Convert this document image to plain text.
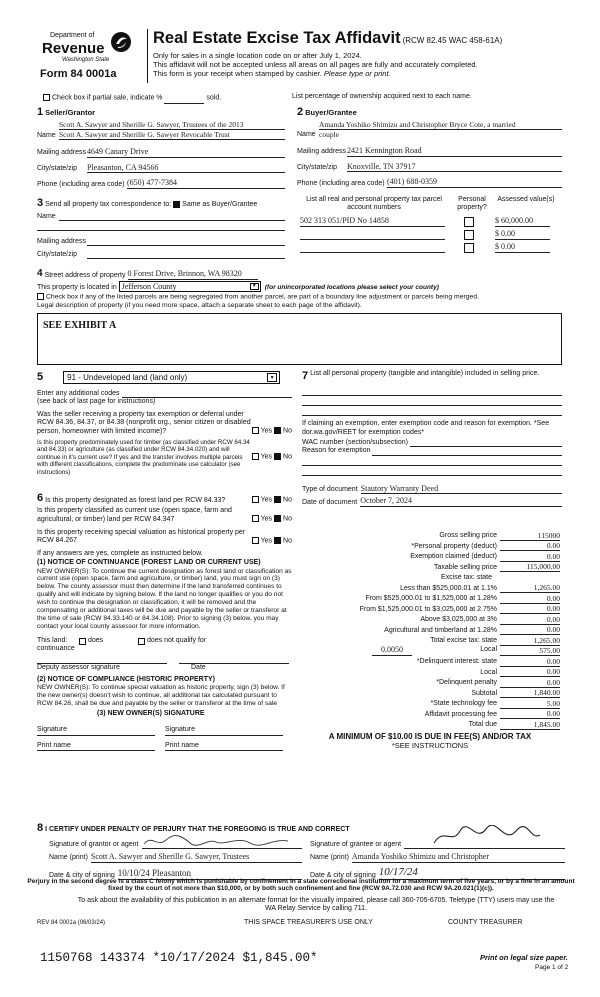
Department of
Revenue
Washington State
Form 84 0001a
Real Estate Excise Tax Affidavit (RCW 82.45 WAC 458-61A)
Only for sales in a single location code on or after July 1, 2024.
This affidavit will not be accepted unless all areas on all pages are fully and accurately completed.
This form is your receipt when stamped by cashier. Please type or print.
Check box if partial sale, indicate %	sold.	List percentage of ownership acquired next to each name.
1 Seller/Grantor
Name
Scott A. Sawyer and Sherille G. Sawyer, Trustees of the 2013
Scott A. Sawyer and Sherille G. Sawyer Revocable Trust
Mailing address 4649 Canary Drive
City/state/zip	Pleasanton, CA 94566
Phone (including area code) (650) 477-7384
2 Buyer/Grantee
Name
Amanda Yoshiko Shimizu and Christopher Bryce Cote, a married
couple
Mailing address 2421 Kennington Road
City/state/zip	Knoxville, TN 37917
Phone (including area code) (401) 688-0359
3 Send all property tax correspondence to: Same as Buyer/Grantee
Name
Mailing address
City/state/zip
List all real and personal property tax parcel account numbers
Personal property?
Assessed value(s)
502 313 051/PID No 14858	$ 60,000.00
$ 0.00
$ 0.00
4 Street address of property 0 Forest Drive, Brinnon, WA 98320
This property is located in Jefferson County	▼	(for unincorporated locations please select your county)
Check box if any of the listed parcels are being segregated from another parcel, are part of a boundary line adjustment or parcels being merged.
Legal description of property (if you need more space, attach a separate sheet to each page of the affidavit).
SEE EXHIBIT A
5	91 - Undeveloped land (land only)	▼
Enter any additional codes
(see back of last page for instructions)
Was the seller receiving a property tax exemption or deferral under RCW 84.36, 84.37, or 84.38 (nonprofit org., senior citizen or disabled person, homeowner with limited income)?	Yes No
Is this property predominately used for timber (as classified under RCW 84.34 and 84.33) or agriculture (as classified under RCW 84.34.020) and will continue in it's current use? If yes and the transfer involves multiple parcels with different classifications, complete the predominate use calculator (see instructions)
Yes No
6 Is this property designated as forest land per RCW 84.33?	Yes No
Is this property classified as current use (open space, farm and agricultural, or timber) land per RCW 84.347	Yes No
Is this property receiving special valuation as historical property per RCW 84.267	Yes No
If any answers are yes, complete as instructed below.
(1) NOTICE OF CONTINUANCE (FOREST LAND OR CURRENT USE)
NEW OWNER(S): To continue the current designation as forest land or classification as current use (open space, farm and agriculture, or timber) land, you must sign on (3) below. The county assessor must then determine if the land transferred continues to qualify and will indicate by signing below. If the land no longer qualifies or you do not wish to continue the designation or classification, it will be removed and the compensating or additional taxes will be due and payable by the seller or transferor at the time of sale (RCW 84.33.140 or 84.34.108). Prior to signing (3) below, you may contact your local county assessor for more information.
This land:	does	does not qualify for
continuance
Deputy assessor signature	Date
(2) NOTICE OF COMPLIANCE (HISTORIC PROPERTY)
NEW OWNER(S): To continue special valuation as historic property, sign (3) below. If the new owner(s) doesn't wish to continue, all additional tax calculated pursuant to RCW 84.26, shall be due and payable by the seller or transferor at the time of sale
(3) NEW OWNER(S) SIGNATURE
Signature	Signature
Print name	Print name
7 List all personal property (tangible and intangible) included in selling price.
If claiming an exemption, enter exemption code and reason for exemption. *See dor.wa.gov/REET for exemption codes*
WAC number (section/subsection)
Reason for exemption
Type of document Stautory Warranty Deed
Date of document October 7, 2024
Gross selling price	115000
*Personal property (deduct)	0.00
Exemption claimed (deduct)	0.00
Taxable selling price	115,000.00
Excise tax: state
Less than $525,000.01 at 1.1%	1,265.00
From $525,000.01 to $1,525,000 at 1.28%	0.00
From $1,525,000.01 to $3,025,000 at 2.75%	0.00
Above $3,025,000 at 3%	0.00
Agricultural and timberland at 1.28%	0.00
Total excise tax: state	1,265.00
0.0050	Local	575.00
*Delinquent interest: state	0.00
Local	0.00
*Delinquent penalty	0.00
Subtotal	1,840.00
*State technology fee	5.00
Affidavit processing fee	0.00
Total due	1,845.00
A MINIMUM OF $10.00 IS DUE IN FEE(S) AND/OR TAX
*SEE INSTRUCTIONS
8 I CERTIFY UNDER PENALTY OF PERJURY THAT THE FOREGOING IS TRUE AND CORRECT
Signature of grantor or agent	Signature of grantee or agent
Name (print) Scott A. Sawyer and Sherille G. Sawyer, Trustees	Name (print) Amanda Yoshiko Shimizu and Christopher
Date & city of signing 10/10/24 Pleasanton	Date & city of signing 10/17/24
Perjury in the second degree is a class C felony which is punishable by confinement in a state correctional institution for a maximum term of five years, or by a fine in an amount fixed by the court of not more than $10,000, or by both such confinement and fine (RCW 9A.72.030 and RCW 9A.20.021(1)(c)).
To ask about the availability of this publication in an alternate format for the visually impaired, please call 360-705-6705. Teletype (TTY) users may use the WA Relay Service by calling 711.
REV 84 0001a (06/03/24)	THIS SPACE TREASURER'S USE ONLY	COUNTY TREASURER
1150768 143374 *10/17/2024 $1,845.00*	Print on legal size paper.
Page 1 of 2
